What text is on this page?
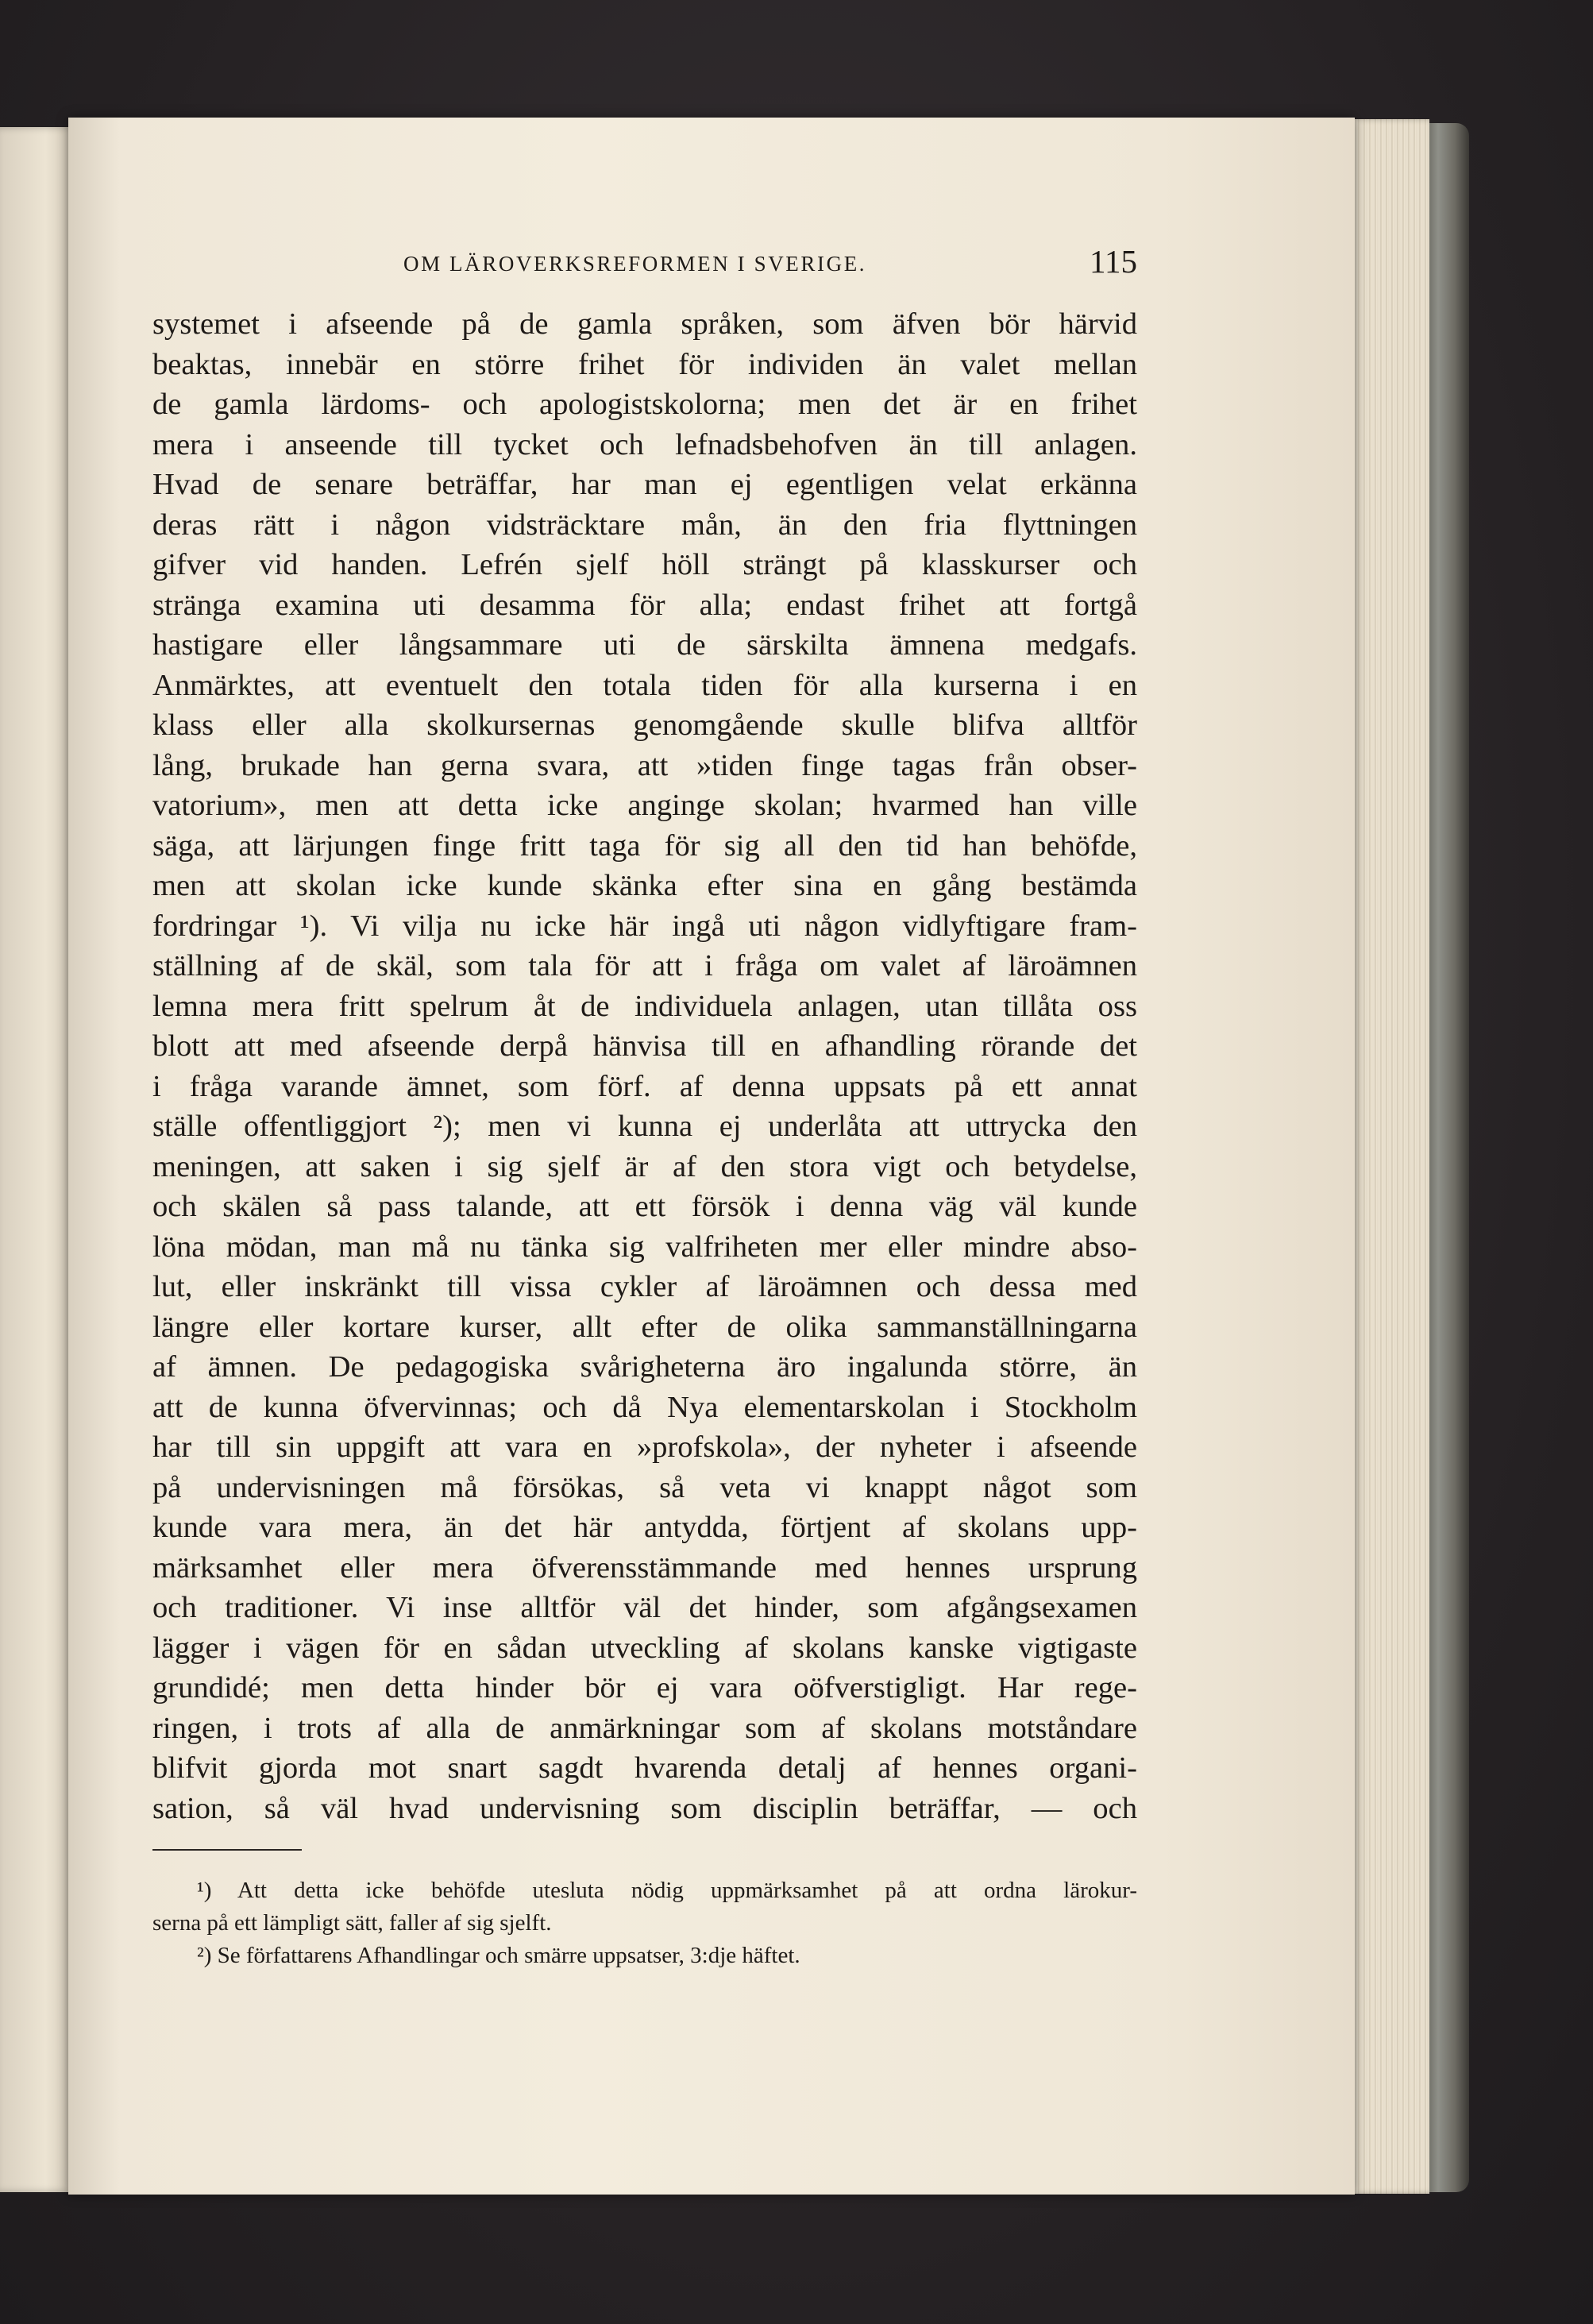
OM LÄROVERKSREFORMEN I SVERIGE.	115
systemet i afseende på de gamla språken, som äfven bör härvid
beaktas, innebär en större frihet för individen än valet mellan
de gamla lärdoms- och apologistskolorna; men det är en frihet
mera i anseende till tycket och lefnadsbehofven än till anlagen.
Hvad de senare beträffar, har man ej egentligen velat erkänna
deras rätt i någon vidsträcktare mån, än den fria flyttningen
gifver vid handen. Lefrén sjelf höll strängt på klasskurser och
stränga examina uti desamma för alla; endast frihet att fortgå
hastigare eller långsammare uti de särskilta ämnena medgafs.
Anmärktes, att eventuelt den totala tiden för alla kurserna i en
klass eller alla skolkursernas genomgående skulle blifva alltför
lång, brukade han gerna svara, att »tiden finge tagas från obser-
vatorium», men att detta icke anginge skolan; hvarmed han ville
säga, att lärjungen finge fritt taga för sig all den tid han behöfde,
men att skolan icke kunde skänka efter sina en gång bestämda
fordringar ¹). Vi vilja nu icke här ingå uti någon vidlyftigare fram-
ställning af de skäl, som tala för att i fråga om valet af läroämnen
lemna mera fritt spelrum åt de individuela anlagen, utan tillåta oss
blott att med afseende derpå hänvisa till en afhandling rörande det
i fråga varande ämnet, som förf. af denna uppsats på ett annat
ställe offentliggjort ²); men vi kunna ej underlåta att uttrycka den
meningen, att saken i sig sjelf är af den stora vigt och betydelse,
och skälen så pass talande, att ett försök i denna väg väl kunde
löna mödan, man må nu tänka sig valfriheten mer eller mindre abso-
lut, eller inskränkt till vissa cykler af läroämnen och dessa med
längre eller kortare kurser, allt efter de olika sammanställningarna
af ämnen. De pedagogiska svårigheterna äro ingalunda större, än
att de kunna öfvervinnas; och då Nya elementarskolan i Stockholm
har till sin uppgift att vara en »profskola», der nyheter i afseende
på undervisningen må försökas, så veta vi knappt något som
kunde vara mera, än det här antydda, förtjent af skolans upp-
märksamhet eller mera öfverensstämmande med hennes ursprung
och traditioner. Vi inse alltför väl det hinder, som afgångsexamen
lägger i vägen för en sådan utveckling af skolans kanske vigtigaste
grundidé; men detta hinder bör ej vara oöfverstigligt. Har rege-
ringen, i trots af alla de anmärkningar som af skolans motståndare
blifvit gjorda mot snart sagdt hvarenda detalj af hennes organi-
sation, så väl hvad undervisning som disciplin beträffar, — och
¹) Att detta icke behöfde utesluta nödig uppmärksamhet på att ordna lärokur-
serna på ett lämpligt sätt, faller af sig sjelft.
²) Se författarens Afhandlingar och smärre uppsatser, 3:dje häftet.
